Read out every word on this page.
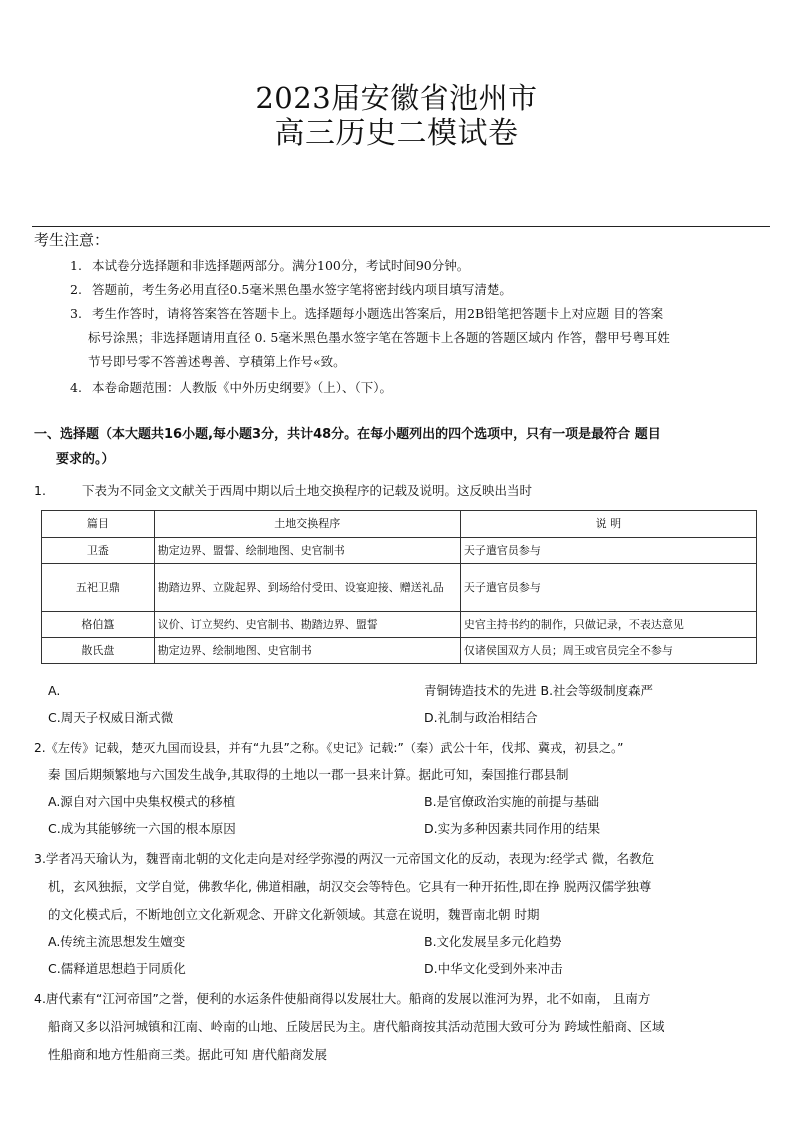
2023届安徽省池州市
高三历史二模试卷
考生注意：
1. 本试卷分选择题和非选择题两部分。满分100分，考试时间90分钟。
2. 答题前，考生务必用直径0.5毫米黑色墨水签字笔将密封线内项目填写清楚。
3. 考生作答时，请将答案答在答题卡上。选择题每小题选出答案后，用2B铅笔把答题卡上对应题 目的答案
标号涂黑；非选择题请用直径 0. 5毫米黑色墨水签字笔在答题卡上各题的答题区域内 作答，罄甲号粤耳姓
节号即号零不答善述粤善、亨積第上作号«致。
4. 本卷命题范围：人教版《中外历史纲要》（上）、（下）。
一、选择题（本大题共16小题,每小题3分，共计48分。在每小题列出的四个选项中，只有一项是最符合 题目
要求的。）
1.	下表为不同金文文献关于西周中期以后土地交换程序的记载及说明。这反映出当时
篇目	土地交换程序	说 明
卫盉	勘定边界、盟誓、绘制地图、史官制书	天子遣官员参与
五祀卫鼎	勘踏边界、立陇起界、到场给付受田、设宴迎接、赠送礼品	天子遣官员参与
格伯簋	议价、订立契约、史官制书、勘踏边界、盟誓	史官主持书约的制作，只做记录，不表达意见
散氏盘	勘定边界、绘制地图、史官制书	仅诸侯国双方人员；周王或官员完全不参与
A.	青铜铸造技术的先进 B.社会等级制度森严
C.周天子权威日渐式微	D.礼制与政治相结合
2.《左传》记载，楚灭九国而设县，并有“九县”之称。《史记》记载:”（秦）武公十年，伐邦、冀戎，初县之。”
秦 国后期频繁地与六国发生战争,其取得的土地以一郡一县来计算。据此可知，秦国推行郡县制
A.源自对六国中央集权模式的移植	B.是官僚政治实施的前提与基础
C.成为其能够统一六国的根本原因	D.实为多种因素共同作用的结果
3.学者冯天瑜认为，魏晋南北朝的文化走向是对经学弥漫的两汉一元帝国文化的反动，表现为:经学式 微，名教危
机，玄风独振，文学自觉，佛教华化, 佛道相融，胡汉交会等特色。它具有一种开拓性,即在挣 脱两汉儒学独尊
的文化模式后，不断地创立文化新观念、开辟文化新领域。其意在说明，魏晋南北朝 时期
A.传统主流思想发生嬗变	B.文化发展呈多元化趋势
C.儒释道思想趋于同质化	D.中华文化受到外来冲击
4.唐代素有“江河帝国”之誉，便利的水运条件使船商得以发展壮大。船商的发展以淮河为界，北不如南， 且南方
船商又多以沿河城镇和江南、岭南的山地、丘陵居民为主。唐代船商按其活动范围大致可分为 跨域性船商、区域
性船商和地方性船商三类。据此可知 唐代船商发展
